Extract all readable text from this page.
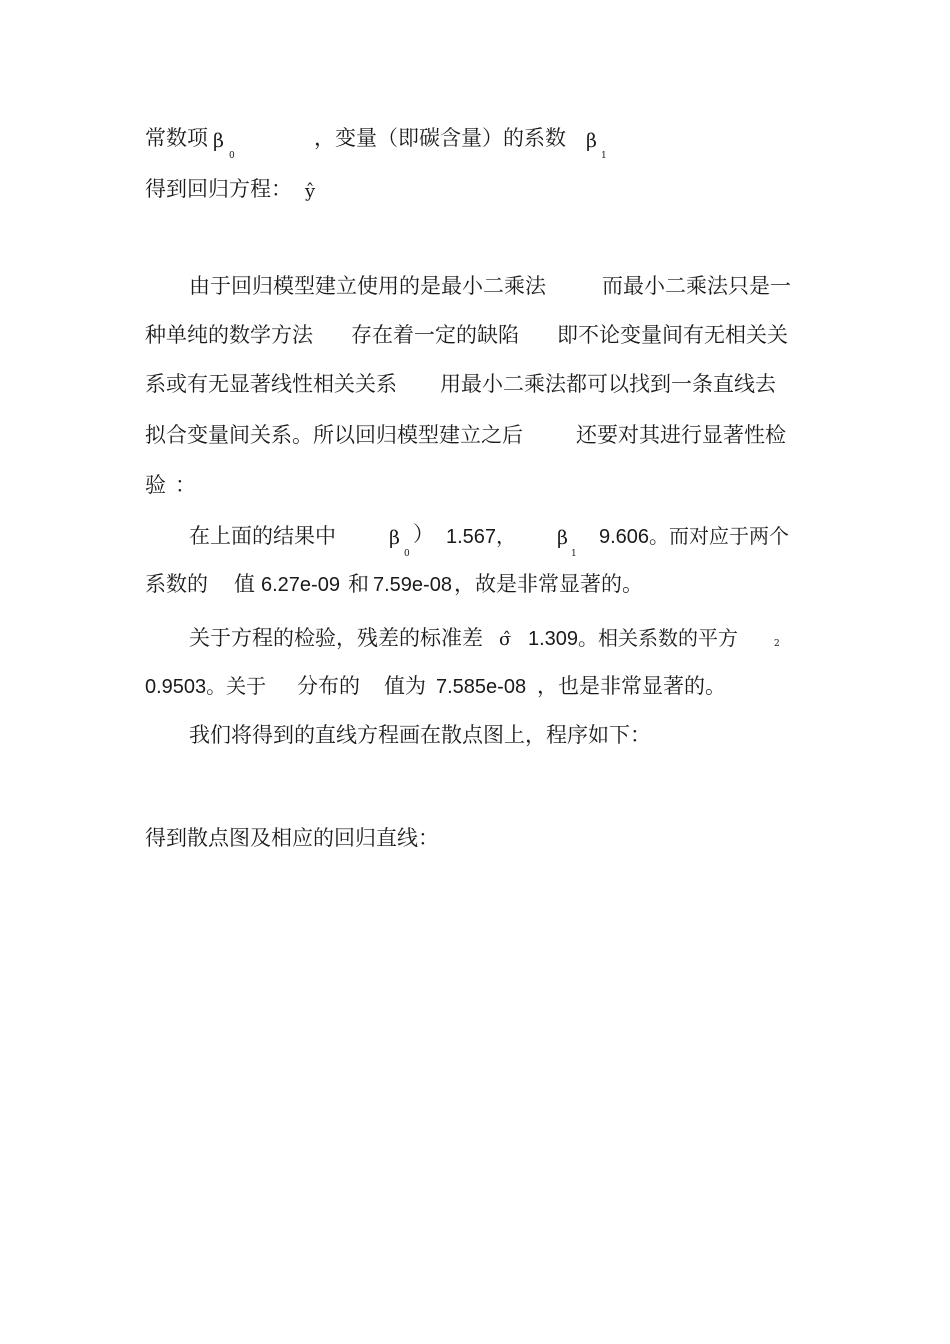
常数项 β
0
，变量（即碳含量）的系数 β
1
得到回归方程： ŷ
由于回归模型建立使用的是最小二乘法	而最小二乘法只是一
种单纯的数学方法 存在着一定的缺陷 即不论变量间有无相关关
系或有无显著线性相关关系 用最小二乘法都可以找到一条直线去
拟合变量间关系。所以回归模型建立之后	还要对其进行显著性检
验 ：
在上面的结果中	β
0
） 1.567， β
1
9.606。而对应于两个
系数的 值 6.27e-09 和 7.59e-08 ，故是非常显著的。
关于方程的检验，残差的标准差 σ̂ 1.309。相关系数的平方	2
0.9503。关于 分布的 值为 7.585e-08 ，也是非常显著的。
我们将得到的直线方程画在散点图上，程序如下：
得到散点图及相应的回归直线：
